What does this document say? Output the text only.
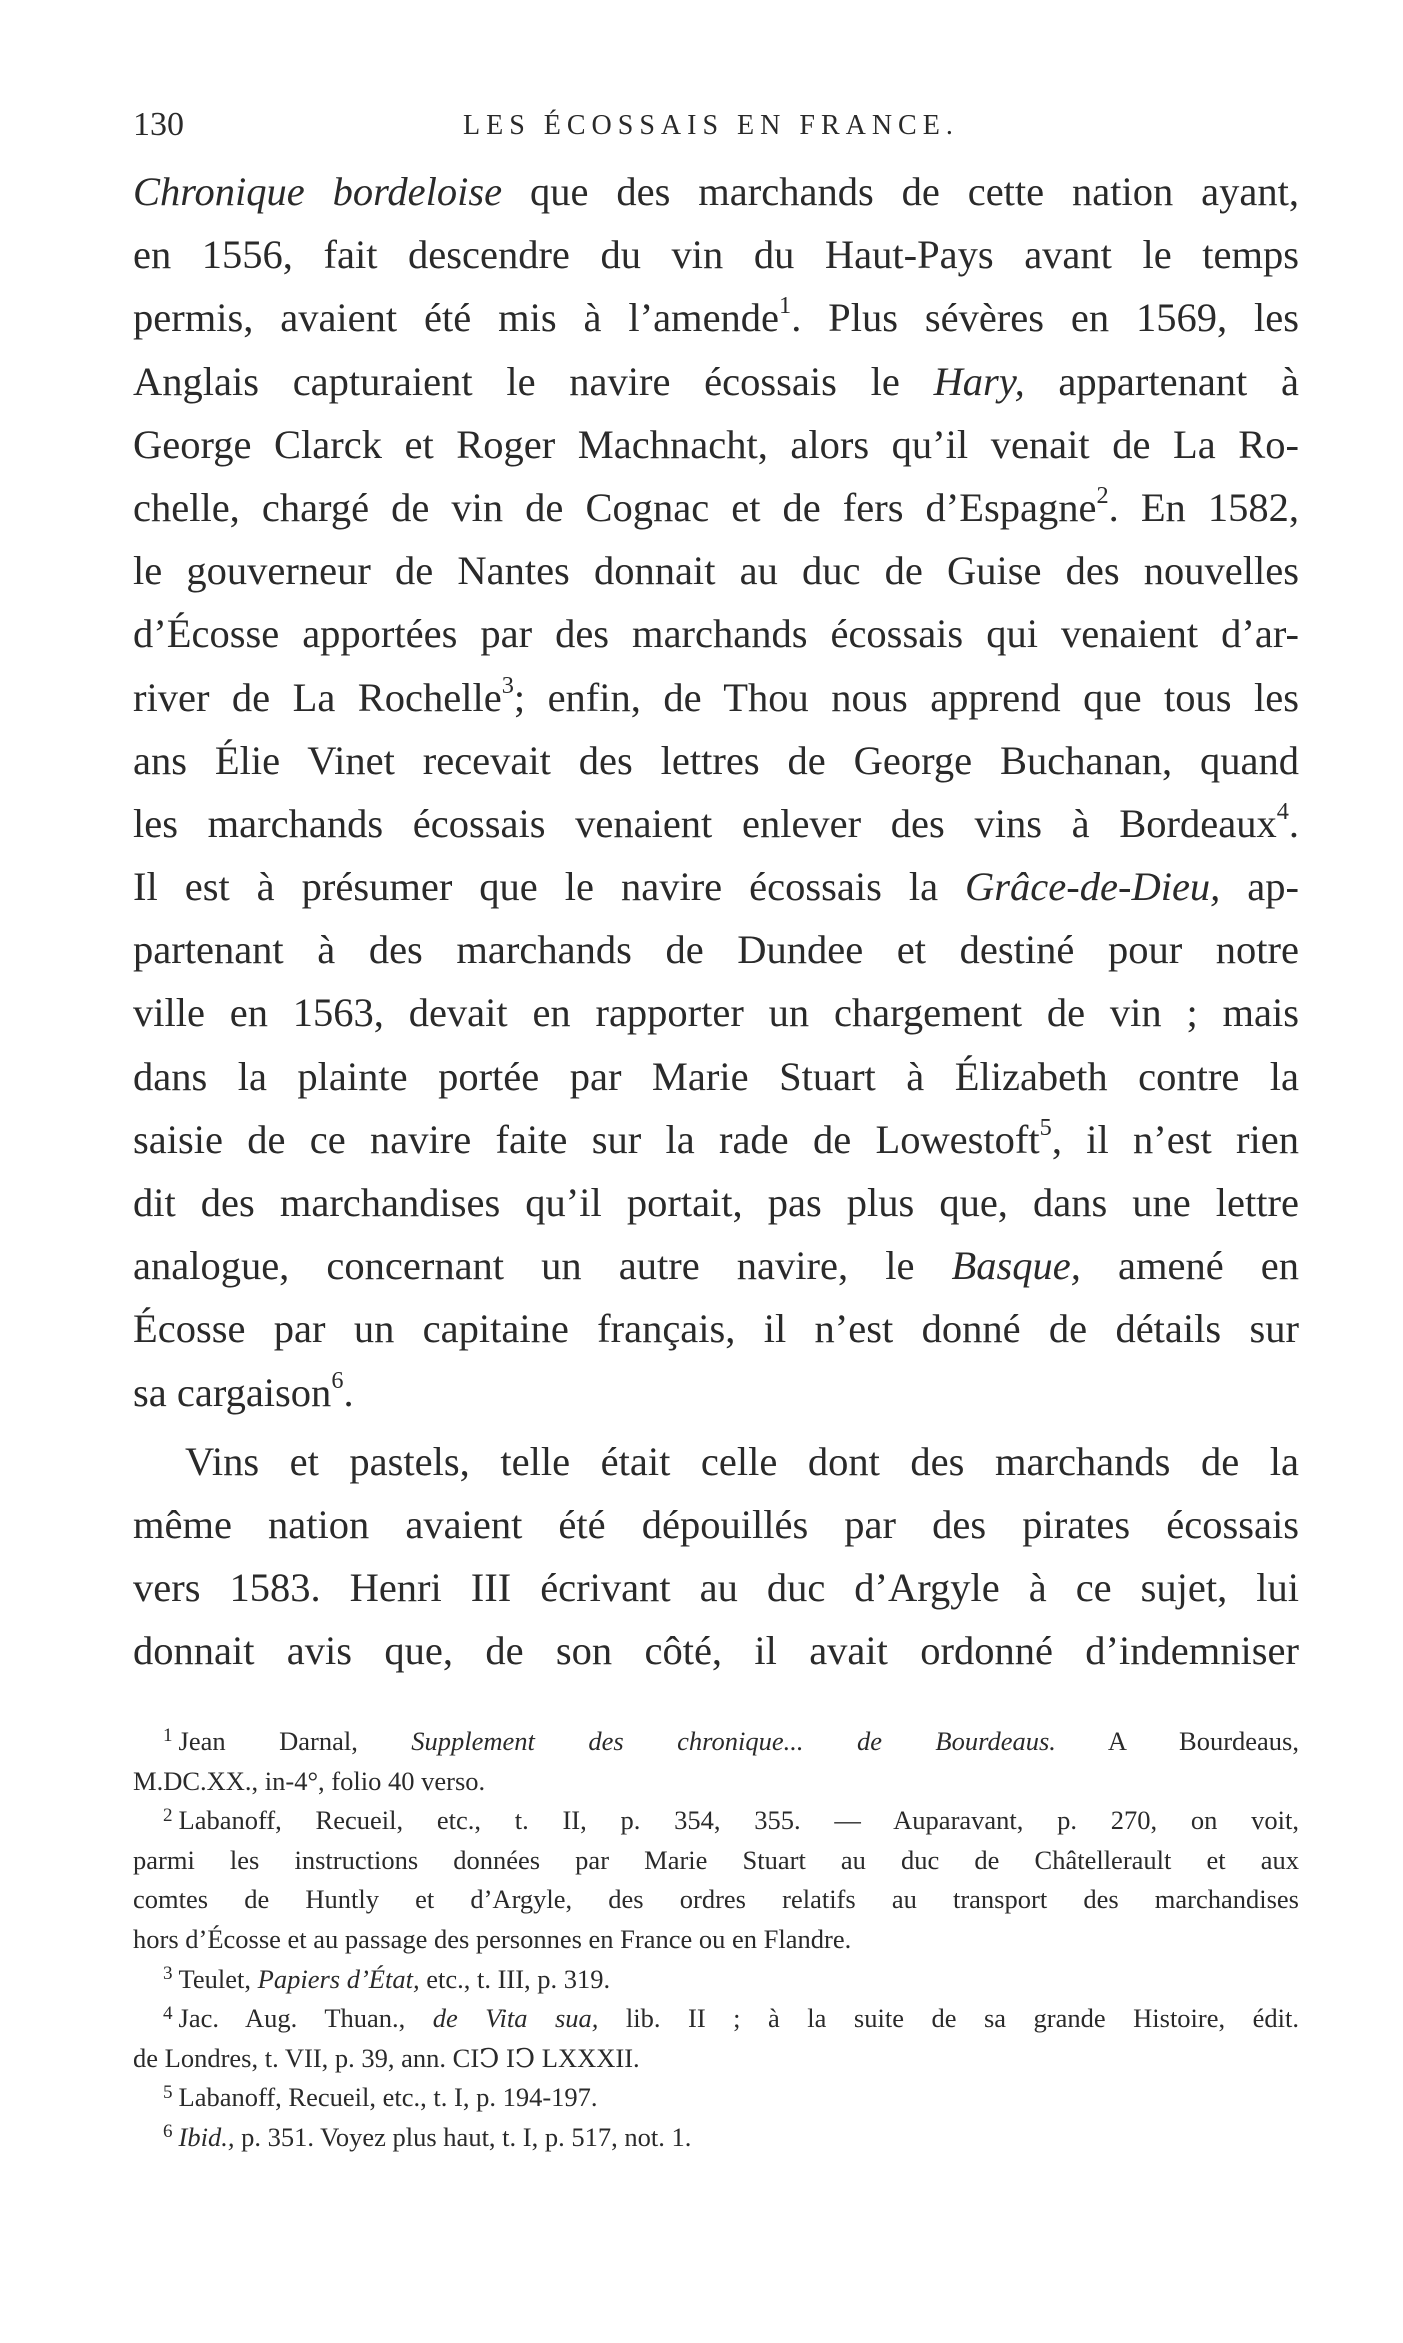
130	LES ÉCOSSAIS EN FRANCE.
Chronique bordeloise que des marchands de cette nation ayant,
en 1556, fait descendre du vin du Haut-Pays avant le temps
permis, avaient été mis à l’amende$^1$. Plus sévères en 1569, les
Anglais capturaient le navire écossais le Hary, appartenant à
George Clarck et Roger Machnacht, alors qu’il venait de La Ro-
chelle, chargé de vin de Cognac et de fers d’Espagne$^2$. En 1582,
le gouverneur de Nantes donnait au duc de Guise des nouvelles
d’Écosse apportées par des marchands écossais qui venaient d’ar-
river de La Rochelle$^3$; enfin, de Thou nous apprend que tous les
ans Élie Vinet recevait des lettres de George Buchanan, quand
les marchands écossais venaient enlever des vins à Bordeaux$^4$.
Il est à présumer que le navire écossais la Grâce-de-Dieu, ap-
partenant à des marchands de Dundee et destiné pour notre
ville en 1563, devait en rapporter un chargement de vin ; mais
dans la plainte portée par Marie Stuart à Élizabeth contre la
saisie de ce navire faite sur la rade de Lowestoft$^5$, il n’est rien
dit des marchandises qu’il portait, pas plus que, dans une lettre
analogue, concernant un autre navire, le Basque, amené en
Écosse par un capitaine français, il n’est donné de détails sur
sa cargaison$^6$.
Vins et pastels, telle était celle dont des marchands de la
même nation avaient été dépouillés par des pirates écossais
vers 1583. Henri III écrivant au duc d’Argyle à ce sujet, lui
donnait avis que, de son côté, il avait ordonné d’indemniser
$^1$ Jean Darnal, Supplement des chronique... de Bourdeaus. A Bourdeaus,
M.DC.XX., in-4°, folio 40 verso.
$^2$ Labanoff, Recueil, etc., t. II, p. 354, 355. — Auparavant, p. 270, on voit,
parmi les instructions données par Marie Stuart au duc de Châtellerault et aux
comtes de Huntly et d’Argyle, des ordres relatifs au transport des marchandises
hors d’Écosse et au passage des personnes en France ou en Flandre.
$^3$ Teulet, Papiers d’État, etc., t. III, p. 319.
$^4$ Jac. Aug. Thuan., de Vita sua, lib. II ; à la suite de sa grande Histoire, édit.
de Londres, t. VII, p. 39, ann. CIↃ IↃ LXXXII.
$^5$ Labanoff, Recueil, etc., t. I, p. 194-197.
$^6$ Ibid., p. 351. Voyez plus haut, t. I, p. 517, not. 1.
